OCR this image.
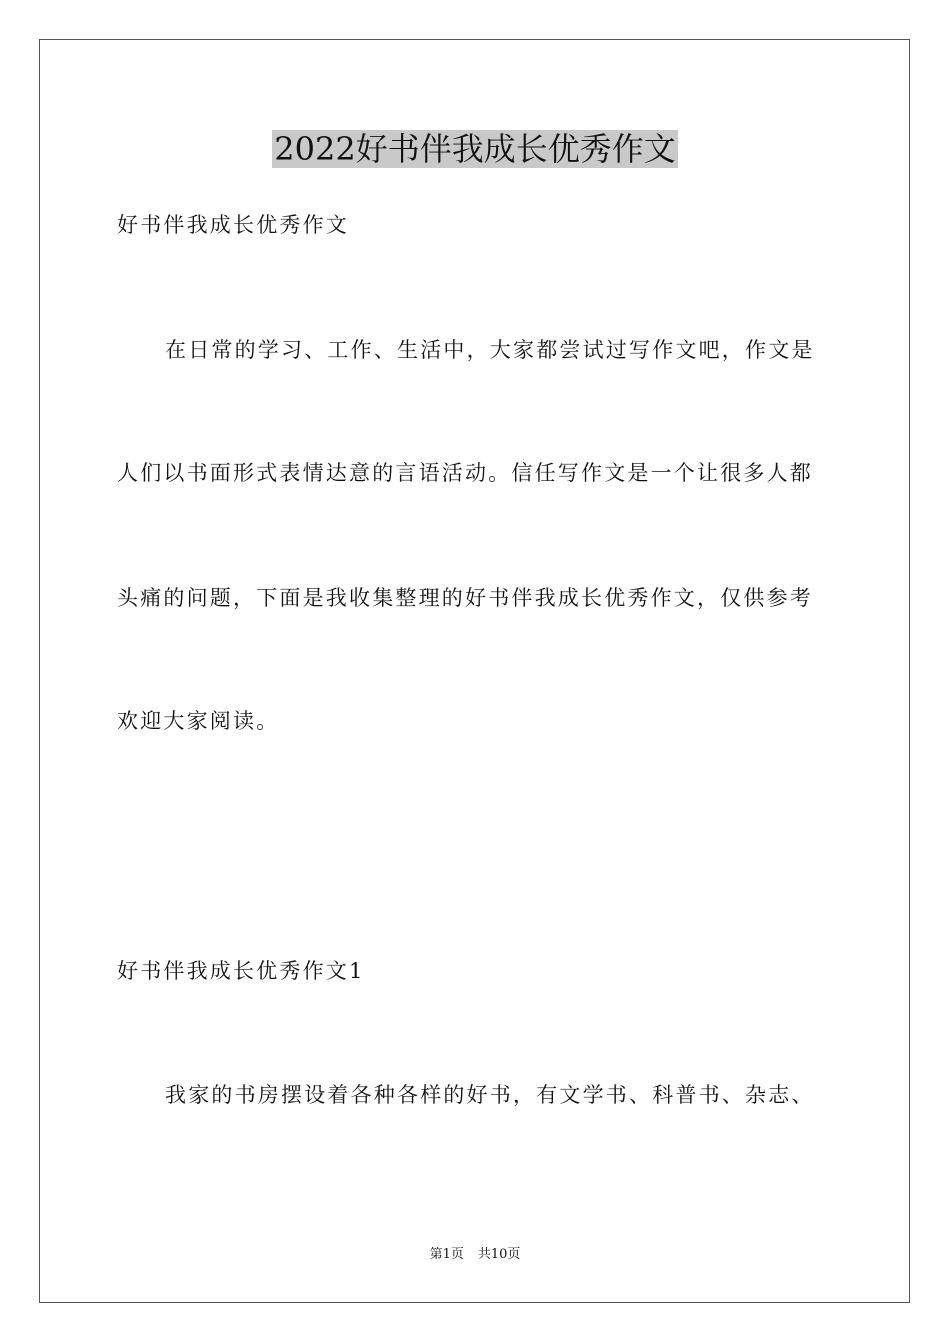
2022好书伴我成长优秀作文
好书伴我成长优秀作文
在日常的学习、工作、生活中，大家都尝试过写作文吧，作文是
人们以书面形式表情达意的言语活动。信任写作文是一个让很多人都
头痛的问题，下面是我收集整理的好书伴我成长优秀作文，仅供参考
欢迎大家阅读。
好书伴我成长优秀作文1
我家的书房摆设着各种各样的好书，有文学书、科普书、杂志、
第1页 共10页
